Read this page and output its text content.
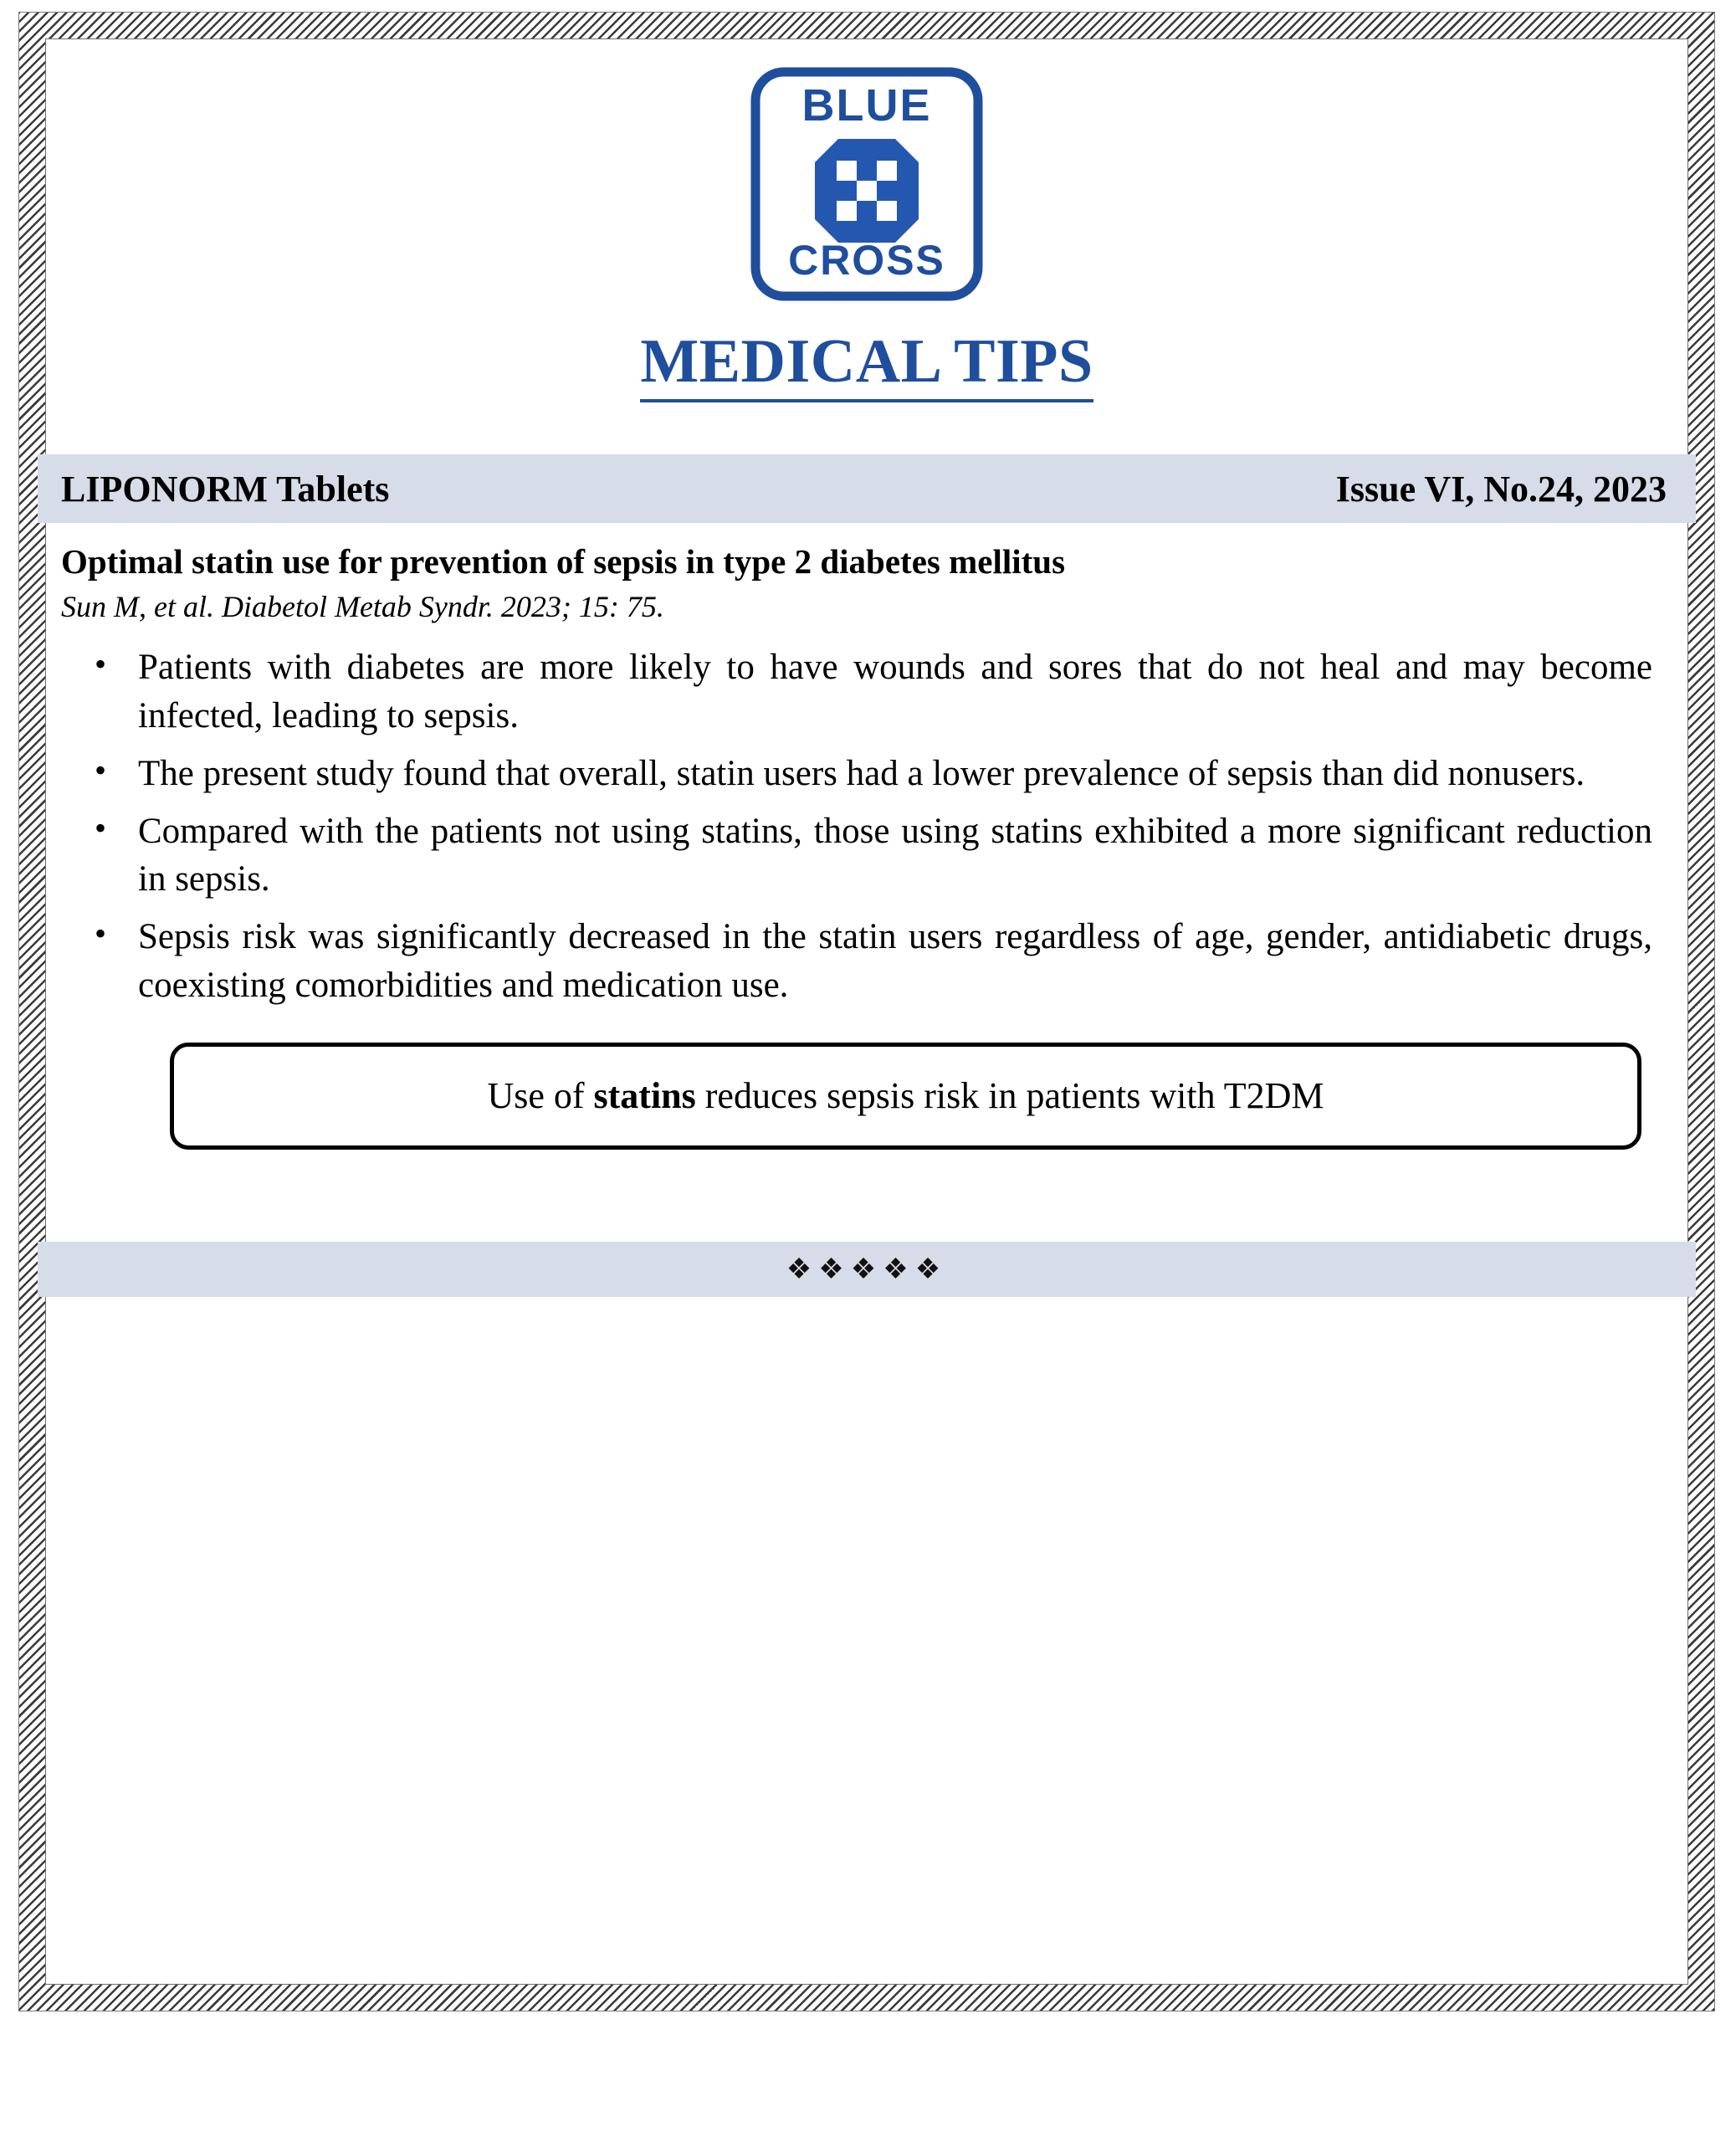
BLUE
CROSS
MEDICAL TIPS
LIPONORM Tablets	Issue VI, No.24, 2023
Optimal statin use for prevention of sepsis in type 2 diabetes mellitus
Sun M, et al. Diabetol Metab Syndr. 2023; 15: 75.
• Patients with diabetes are more likely to have wounds and sores that do not heal and may become infected, leading to sepsis.
• The present study found that overall, statin users had a lower prevalence of sepsis than did nonusers.
• Compared with the patients not using statins, those using statins exhibited a more significant reduction in sepsis.
• Sepsis risk was significantly decreased in the statin users regardless of age, gender, antidiabetic drugs, coexisting comorbidities and medication use.
Use of statins reduces sepsis risk in patients with T2DM
❖❖❖❖❖
